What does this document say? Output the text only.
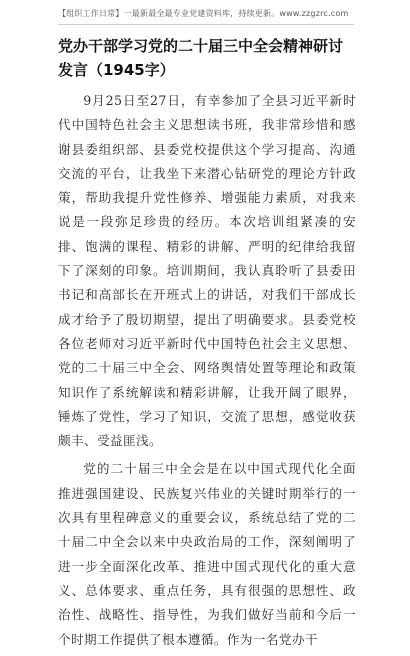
【组织工作日常】一最新最全最专业党建资料库，持续更新。www.zzgzrc.com
党办干部学习党的二十届三中全会精神研讨发言（1945字）

9月25日至27日，有幸参加了全县习近平新时代中国特色社会主义思想读书班，我非常珍惜和感谢县委组织部、县委党校提供这个学习提高、沟通交流的平台，让我坐下来潜心钻研党的理论方针政策，帮助我提升党性修养、增强能力素质，对我来说是一段弥足珍贵的经历。本次培训组紧凑的安排、饱满的课程、精彩的讲解、严明的纪律给我留下了深刻的印象。培训期间，我认真聆听了县委田书记和高部长在开班式上的讲话，对我们干部成长成才给予了殷切期望，提出了明确要求。县委党校各位老师对习近平新时代中国特色社会主义思想、党的二十届三中全会、网络舆情处置等理论和政策知识作了系统解读和精彩讲解，让我开阔了眼界，锤炼了党性，学习了知识，交流了思想，感觉收获颇丰、受益匪浅。

党的二十届三中全会是在以中国式现代化全面推进强国建设、民族复兴伟业的关键时期举行的一次具有里程碑意义的重要会议，系统总结了党的二十届二中全会以来中央政治局的工作，深刻阐明了进一步全面深化改革、推进中国式现代化的重大意义、总体要求、重点任务，具有很强的思想性、政治性、战略性、指导性，为我们做好当前和今后一个时期工作提供了根本遵循。作为一名党办干
